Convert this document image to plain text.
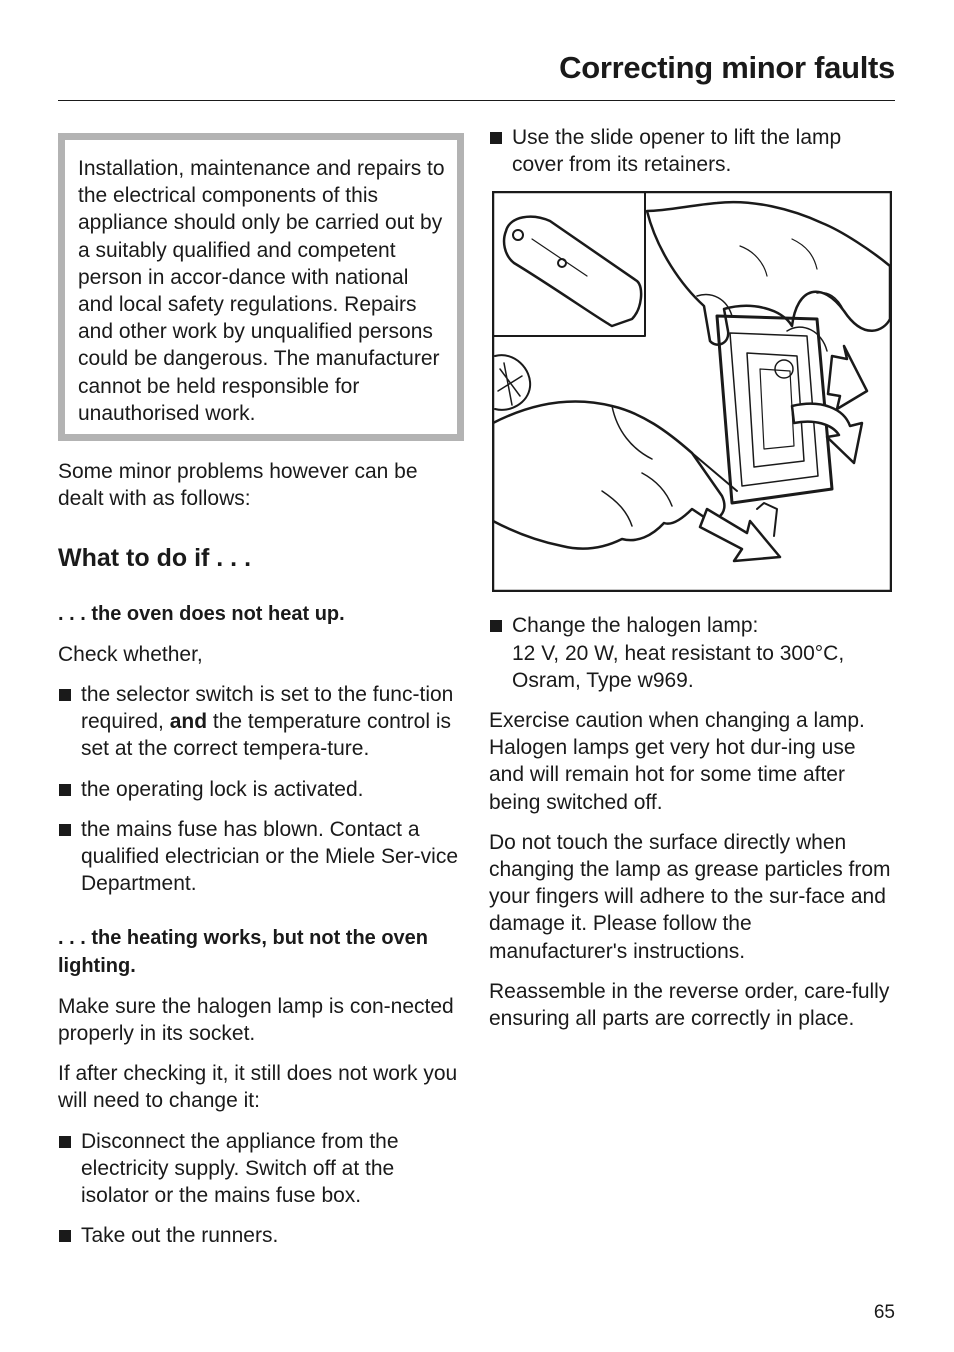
Correcting minor faults

Installation, maintenance and repairs to the electrical components of this appliance should only be carried out by a suitably qualified and competent person in accor-dance with national and local safety regulations. Repairs and other work by unqualified persons could be dangerous. The manufacturer cannot be held responsible for unauthorised work.

Some minor problems however can be dealt with as follows:

What to do if . . .

. . . the oven does not heat up.

Check whether,

the selector switch is set to the func-tion required, and the temperature control is set at the correct tempera-ture.
the operating lock is activated.
the mains fuse has blown. Contact a qualified electrician or the Miele Ser-vice Department.

. . . the heating works, but not the oven lighting.

Make sure the halogen lamp is con-nected properly in its socket.

If after checking it, it still does not work you will need to change it:

Disconnect the appliance from the electricity supply. Switch off at the isolator or the mains fuse box.
Take out the runners.
Use the slide opener to lift the lamp cover from its retainers.
Change the halogen lamp:
12 V, 20 W, heat resistant to 300°C, Osram, Type w969.

Exercise caution when changing a lamp. Halogen lamps get very hot dur-ing use and will remain hot for some time after being switched off.

Do not touch the surface directly when changing the lamp as grease particles from your fingers will adhere to the sur-face and damage it. Please follow the manufacturer's instructions.

Reassemble in the reverse order, care-fully ensuring all parts are correctly in place.

65
